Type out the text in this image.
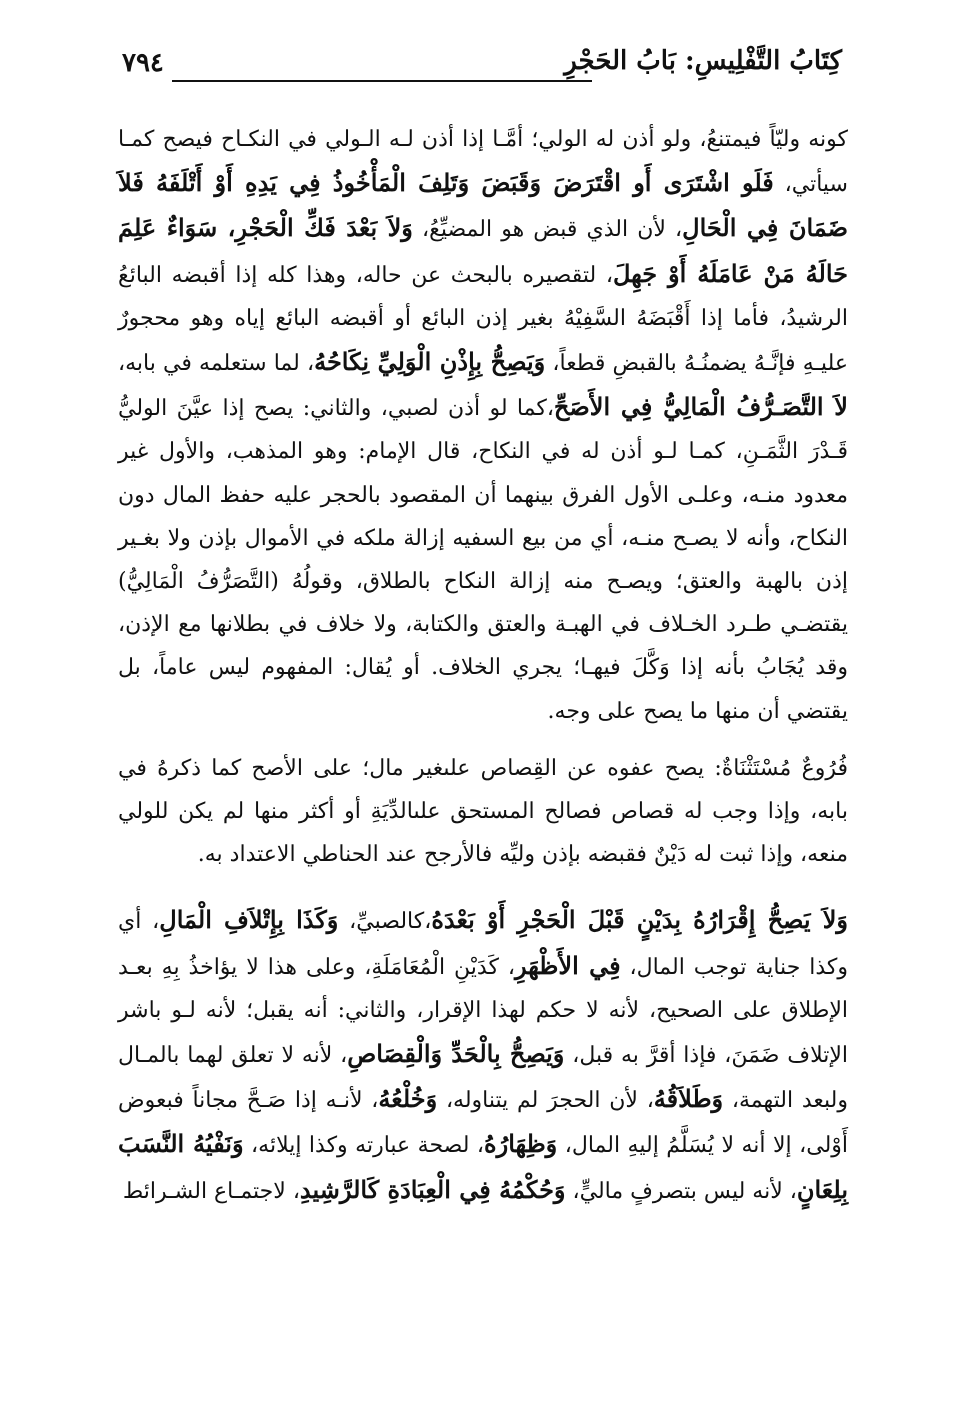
كِتَابُ التَّفْلِيسِ: بَابُ الحَجْرِ
٧٩٤

كونه وليّاً فيمتنعُ، ولو أذن له الولي؛ أمَّـا إذا أذن لـه الـولي في النكـاح فيصح كمـا سيأتي، فَلَو اشْتَرَى أَو اقْتَرَضَ وَقَبَضَ وَتَلِفَ الْمَأْخُوذُ فِي يَدِهِ أَوْ أَتْلَفَهُ فَلاَ ضَمَانَ فِي الْحَالِ، لأن الذي قبض هو المضيِّعُ، وَلاَ بَعْدَ فَكِّ الْحَجْرِ، سَوَاءٌ عَلِمَ حَالَهُ مَنْ عَامَلَهُ أَوْ جَهِلَ، لتقصيره بالبحث عن حاله، وهذا كله إذا أقبضه البائعُ الرشيدُ، فأما إذا أَقْبَضَهُ السَّفِيْهُ بغير إذن البائع أو أقبضه البائع إياه وهو محجورٌ عليـهِ فإنَّـهُ يضمنُـهُ بالقبضِ قطعاً، وَيَصِحُّ بِإِذْنِ الْوَلِيِّ نِكَاحُهُ، لما ستعلمه في بابه، لاَ التَّصَـرُّفُ الْمَالِيُّ فِي الأَصَحِّ،كما لو أذن لصبي، والثاني: يصح إذا عيَّنَ الوليُّ قَـدْرَ الثَّمَـنِ، كمـا لـو أذن له في النكاح، قال الإمام: وهو المذهب، والأول غير معدود منـه، وعلـى الأول الفرق بينهما أن المقصود بالحجر عليه حفظ المال دون النكاح، وأنه لا يصـح منـه، أي من بيع السفيه إزالة ملكه في الأموال بإذن ولا بغـير إذن بالهبة والعتق؛ ويصـح منه إزالة النكاح بالطلاق، وقولُهُ (التَّصَرُّفُ الْمَالِيُّ) يقتضـي طـرد الخـلاف في الهبـة والعتق والكتابة، ولا خلاف في بطلانها مع الإذن، وقد يُجَابُ بأنه إذا وَكَّلَ فيهـا؛ يجري الخلاف. أو يُقال: المفهوم ليس عاماً، بل يقتضي أن منها ما يصح على وجه.

فُرُوعٌ مُسْتَثْنَاةٌ: يصح عفوه عن القِصاص علىغير مال؛ على الأصح كما ذكرهُ في بابه، وإذا وجب له قصاص فصالح المستحق علىالدِّيَةِ أو أكثر منها لم يكن للولي منعه، وإذا ثبت له دَيْنٌ فقبضه بإذن وليِّه فالأرجح عند الحناطي الاعتداد به.

وَلاَ يَصِحُّ إِقْرَارُهُ بِدَيْنٍ قَبْلَ الْحَجْرِ أَوْ بَعْدَهُ،كالصبيِّ، وَكَذَا بِإِتْلاَفِ الْمَالِ، أي وكذا جناية توجب المال، فِي الأَظْهَرِ، كَدَيْنِ الْمُعَامَلَةِ، وعلى هذا لا يؤاخذُ بِهِ بعـد الإطلاق على الصحيح، لأنه لا حكم لهذا الإقرار، والثاني: أنه يقبل؛ لأنه لـو باشر الإتلاف ضَمَنَ، فإذا أقرَّ به قبل، وَيَصِحُّ بِالْحَدِّ وَالْقِصَاصِ، لأنه لا تعلق لهما بالمـال ولبعد التهمة، وَطَلاَقُهُ، لأن الحجرَ لم يتناوله، وَخُلْعُهُ، لأنـه إذا صَـحَّ مجاناً فبعوض أَوْلى، إلا أنه لا يُسَلَّمُ إليهِ المال، وَظِهَارُهُ، لصحة عبارته وكذا إيلائه، وَنَفْيُهُ النَّسَبَ بِلِعَانٍ، لأنه ليس بتصرفٍ ماليٍّ، وَحُكْمُهُ فِي الْعِبَادَةِ كَالرَّشِيدِ، لاجتمـاع الشـرائط
